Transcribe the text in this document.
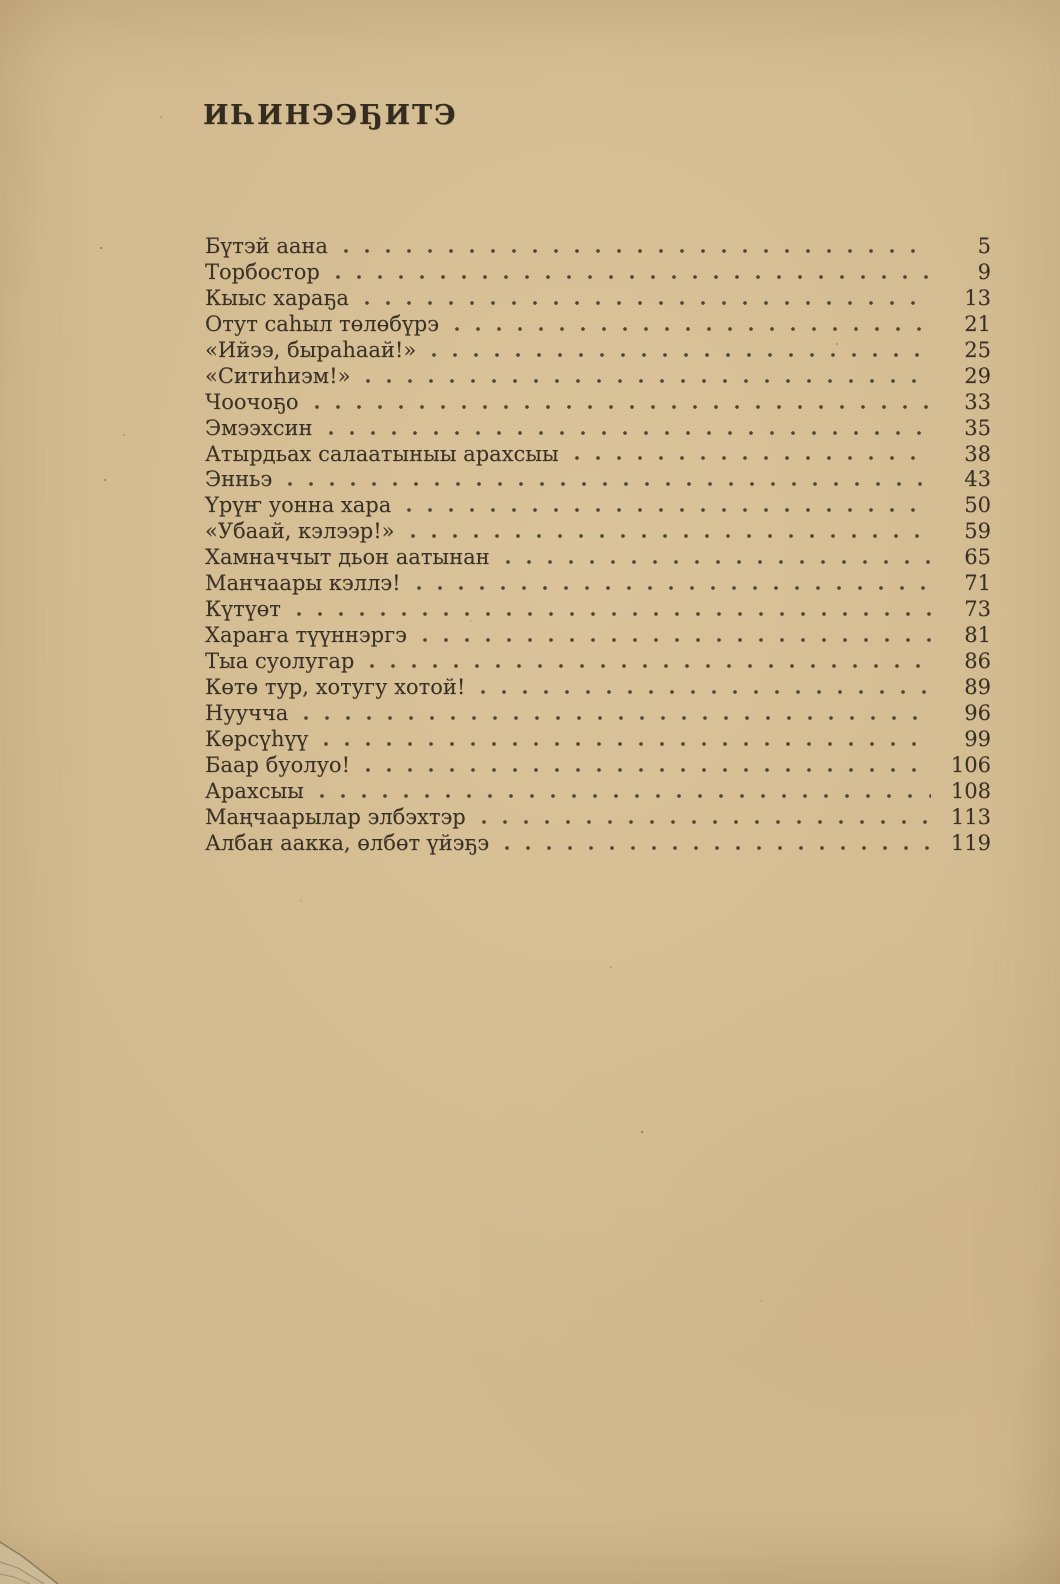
ИҺИНЭЭҔИТЭ
Бүтэй аана	5
Торбостор	9
Кыыс хараҕа	13
Отут саһыл төлөбүрэ	21
«Ийээ, быраһаай!»	25
«Ситиһиэм!»	29
Чоочоҕо	33
Эмээхсин	35
Атырдьах салаатыныы арахсыы	38
Энньэ	43
Үрүҥ уонна хара	50
«Убаай, кэлээр!»	59
Хамначчыт дьон аатынан	65
Манчаары кэллэ!	71
Күтүөт	73
Хараҥа түүннэргэ	81
Тыа суолугар	86
Көтө тур, хотугу хотой!	89
Нуучча	96
Көрсүһүү	99
Баар буолуо!	106
Арахсыы	108
Маңчаарылар элбэхтэр	113
Албан аакка, өлбөт үйэҕэ	119
